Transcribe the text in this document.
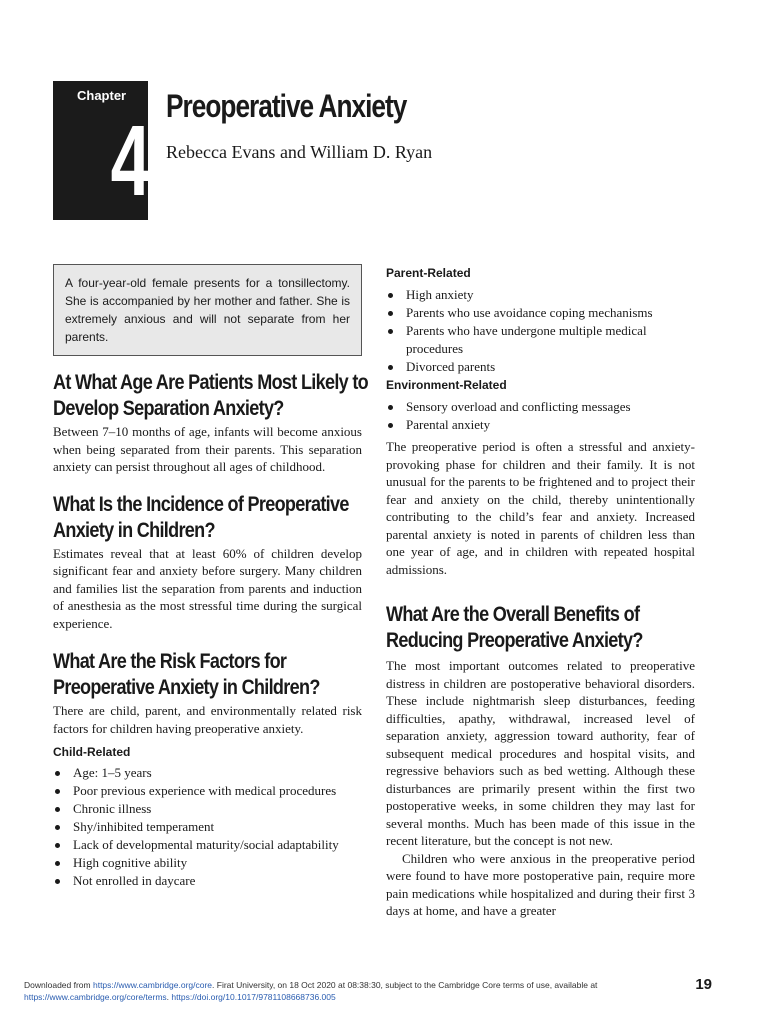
Chapter
4 Preoperative Anxiety
Rebecca Evans and William D. Ryan
A four-year-old female presents for a tonsillectomy. She is accompanied by her mother and father. She is extremely anxious and will not separate from her parents.
At What Age Are Patients Most Likely to
Develop Separation Anxiety?

Between 7–10 months of age, infants will become anxious when being separated from their parents. This separation anxiety can persist throughout all ages of childhood.

What Is the Incidence of Preoperative
Anxiety in Children?

Estimates reveal that at least 60% of children develop significant fear and anxiety before surgery. Many children and families list the separation from parents and induction of anesthesia as the most stressful time during the surgical experience.

What Are the Risk Factors for
Preoperative Anxiety in Children?

There are child, parent, and environmentally related risk factors for children having preoperative anxiety.

Child-Related
Age: 1–5 years
Poor previous experience with medical procedures
Chronic illness
Shy/inhibited temperament
Lack of developmental maturity/social adaptability
High cognitive ability
Not enrolled in daycare
Parent-Related
High anxiety
Parents who use avoidance coping mechanisms
Parents who have undergone multiple medical procedures
Divorced parents
Environment-Related
Sensory overload and conflicting messages
Parental anxiety

The preoperative period is often a stressful and anxiety-provoking phase for children and their family. It is not unusual for the parents to be frightened and to project their fear and anxiety on the child, thereby unintentionally contributing to the child’s fear and anxiety. Increased parental anxiety is noted in parents of children less than one year of age, and in children with repeated hospital admissions.

What Are the Overall Benefits of
Reducing Preoperative Anxiety?

The most important outcomes related to preoperative distress in children are postoperative behavioral disorders. These include nightmarish sleep disturbances, feeding difficulties, apathy, withdrawal, increased level of separation anxiety, aggression toward authority, fear of subsequent medical procedures and hospital visits, and regressive behaviors such as bed wetting. Although these disturbances are primarily present within the first two postoperative weeks, in some children they may last for several months. Much has been made of this issue in the recent literature, but the concept is not new.

Children who were anxious in the preoperative period were found to have more postoperative pain, require more pain medications while hospitalized and during their first 3 days at home, and have a greater

Downloaded from https://www.cambridge.org/core. Firat University, on 18 Oct 2020 at 08:38:30, subject to the Cambridge Core terms of use, available at
https://www.cambridge.org/core/terms. https://doi.org/10.1017/9781108668736.005
19
